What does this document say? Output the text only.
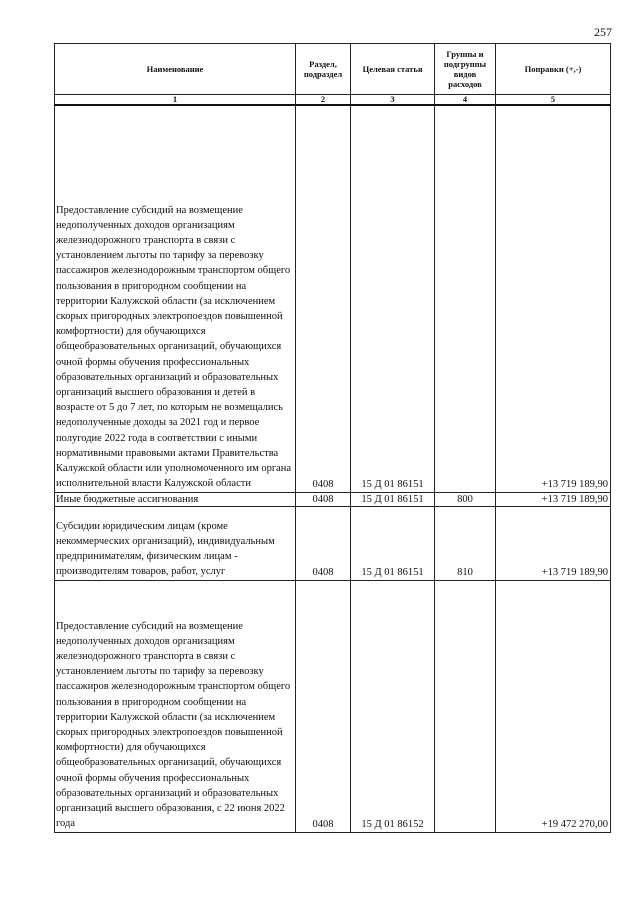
257
Наименование	Раздел, подраздел	Целевая статья	Группы и подгруппы видов расходов	Поправки (+,-)
1	2	3	4	5
Предоставление субсидий на возмещение недополученных доходов организациям железнодорожного транспорта в связи с установлением льготы по тарифу за перевозку пассажиров железнодорожным транспортом общего пользования в пригородном сообщении на территории Калужской области (за исключением скорых пригородных электропоездов повышенной комфортности) для обучающихся общеобразовательных организаций, обучающихся очной формы обучения профессиональных образовательных организаций и образовательных организаций высшего образования и детей в возрасте от 5 до 7 лет, по которым не возмещались недополученные доходы за 2021 год и первое полугодие 2022 года в соответствии с иными нормативными правовыми актами Правительства Калужской области или уполномоченного им органа исполнительной власти Калужской области	0408	15 Д 01 86151		+13 719 189,90
Иные бюджетные ассигнования	0408	15 Д 01 86151	800	+13 719 189,90
Субсидии юридическим лицам (кроме некоммерческих организаций), индивидуальным предпринимателям, физическим лицам - производителям товаров, работ, услуг	0408	15 Д 01 86151	810	+13 719 189,90
Предоставление субсидий на возмещение недополученных доходов организациям железнодорожного транспорта в связи с установлением льготы по тарифу за перевозку пассажиров железнодорожным транспортом общего пользования в пригородном сообщении на территории Калужской области (за исключением скорых пригородных электропоездов повышенной комфортности) для обучающихся общеобразовательных организаций, обучающихся очной формы обучения профессиональных образовательных организаций и образовательных организаций высшего образования, с 22 июня 2022 года	0408	15 Д 01 86152		+19 472 270,00
